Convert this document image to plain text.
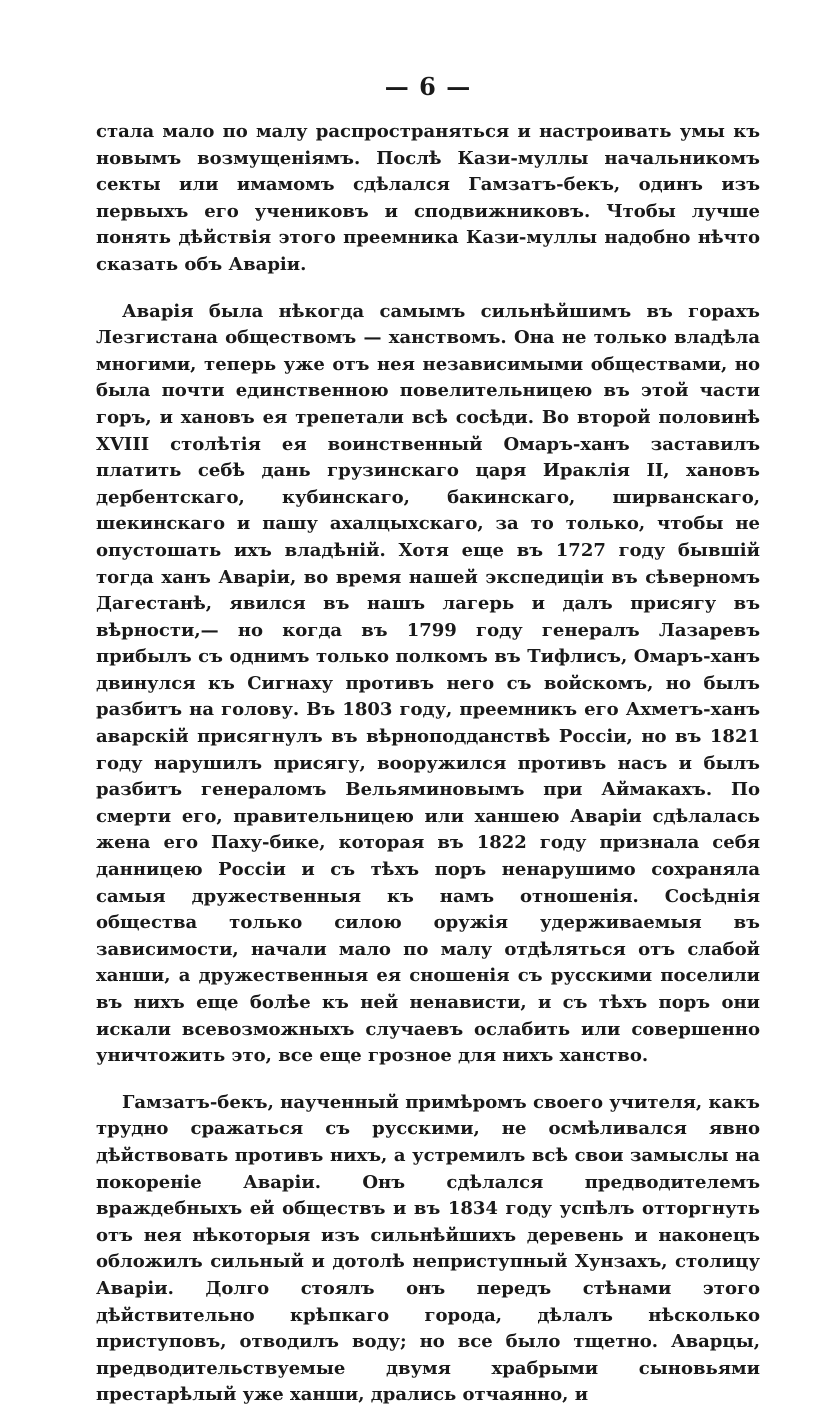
— 6 —

стала мало по малу распространяться и настроивать умы къ новымъ возмущеніямъ. Послѣ Кази-муллы начальникомъ секты или имамомъ сдѣлался Гамзатъ-бекъ, одинъ изъ первыхъ его учениковъ и сподвижниковъ. Чтобы лучше понять дѣйствія этого преемника Кази-муллы надобно нѣчто сказать объ Аваріи.

Аварія была нѣкогда самымъ сильнѣйшимъ въ горахъ Лезгистана обществомъ — ханствомъ. Она не только владѣла многими, теперь уже отъ нея независимыми обществами, но была почти единственною повелительницею въ этой части горъ, и хановъ ея трепетали всѣ сосѣди. Во второй половинѣ XVIII столѣтія ея воинственный Омаръ-ханъ заставилъ платить себѣ дань грузинскаго царя Ираклія II, хановъ дербентскаго, кубинскаго, бакинскаго, ширванскаго, шекинскаго и пашу ахалцыхскаго, за то только, чтобы не опустошать ихъ владѣній. Хотя еще въ 1727 году бывшій тогда ханъ Аваріи, во время нашей экспедиціи въ сѣверномъ Дагестанѣ, явился въ нашъ лагерь и далъ присягу въ вѣрности,— но когда въ 1799 году генералъ Лазаревъ прибылъ съ однимъ только полкомъ въ Тифлисъ, Омаръ-ханъ двинулся къ Сигнаху противъ него съ войскомъ, но былъ разбитъ на голову. Въ 1803 году, преемникъ его Ахметъ-ханъ аварскій присягнулъ въ вѣрноподданствѣ Россіи, но въ 1821 году нарушилъ присягу, вооружился противъ насъ и былъ разбитъ генераломъ Вельяминовымъ при Аймакахъ. По смерти его, правительницею или ханшею Аваріи сдѣлалась жена его Паху-бике, которая въ 1822 году признала себя данницею Россіи и съ тѣхъ поръ ненарушимо сохраняла самыя дружественныя къ намъ отношенія. Сосѣднія общества только силою оружія удерживаемыя въ зависимости, начали мало по малу отдѣляться отъ слабой ханши, а дружественныя ея сношенія съ русскими поселили въ нихъ еще болѣе къ ней ненависти, и съ тѣхъ поръ они искали всевозможныхъ случаевъ ослабить или совершенно уничтожить это, все еще грозное для нихъ ханство.

Гамзатъ-бекъ, наученный примѣромъ своего учителя, какъ трудно сражаться съ русскими, не осмѣливался явно дѣйствовать противъ нихъ, а устремилъ всѣ свои замыслы на покореніе Аваріи. Онъ сдѣлался предводителемъ враждебныхъ ей обществъ и въ 1834 году успѣлъ отторгнуть отъ нея нѣкоторыя изъ сильнѣйшихъ деревень и наконецъ обложилъ сильный и дотолѣ неприступный Хунзахъ, столицу Аваріи. Долго стоялъ онъ передъ стѣнами этого дѣйствительно крѣпкаго города, дѣлалъ нѣсколько приступовъ, отводилъ воду; но все было тщетно. Аварцы, предводительствуемые двумя храбрыми сыновьями престарѣлый уже ханши, дрались отчаянно, и
